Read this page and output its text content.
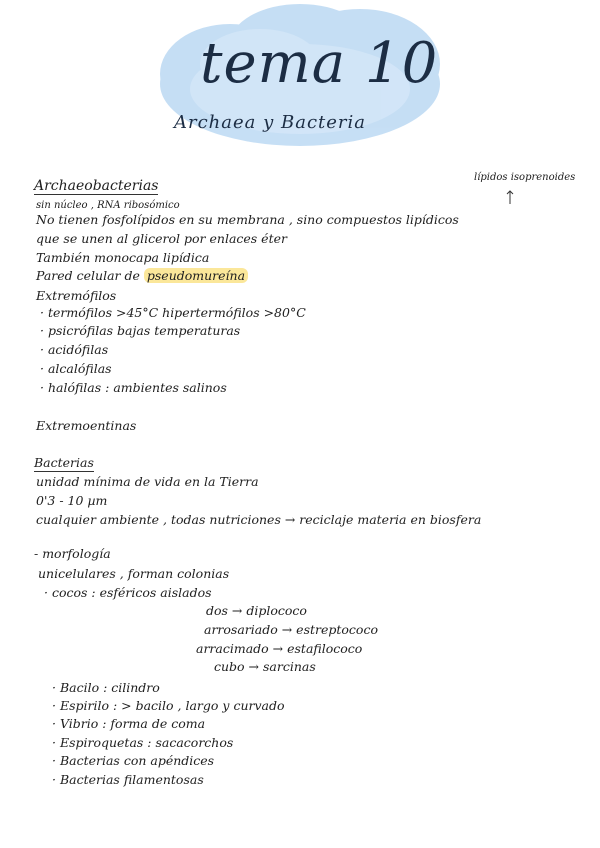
tema 10
Archaea y Bacteria
lípidos isoprenoides
Archaeobacterias
sin núcleo , RNA ribosómico
No tienen fosfolípidos en su membrana , sino compuestos lipídicos
que se unen al glicerol por enlaces éter
También monocapa lipídica
Pared celular de pseudomureína
Extremófilos
· termófilos >45°C hipertermófilos >80°C
· psicrófilas bajas temperaturas
· acidófilas
· alcalófilas
· halófilas : ambientes salinos
Extremoentinas
Bacterias
unidad mínima de vida en la Tierra
0'3 - 10 µm
cualquier ambiente , todas nutriciones → reciclaje materia en biosfera
- morfología
unicelulares , forman colonias
· cocos : esféricos aislados
dos → diplococo
arrosariado → estreptococo
arracimado → estafilococo
cubo → sarcinas
· Bacilo : cilindro
· Espirilo : > bacilo , largo y curvado
· Vibrio : forma de coma
· Espiroquetas : sacacorchos
· Bacterias con apéndices
· Bacterias filamentosas
